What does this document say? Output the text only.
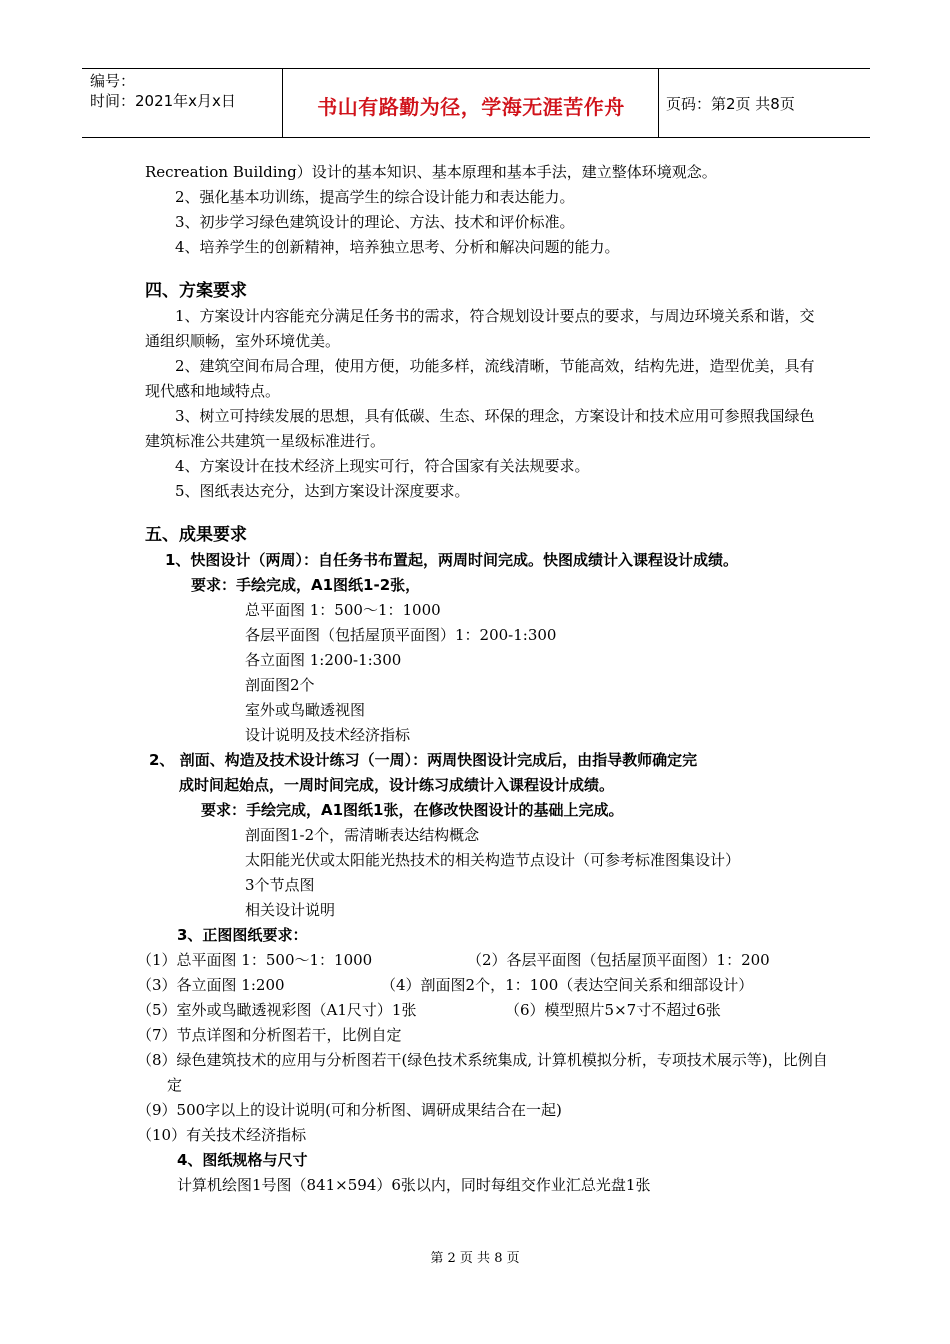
编号：
时间：2021年x月x日	书山有路勤为径，学海无涯苦作舟	页码：第2页 共8页
Recreation Building）设计的基本知识、基本原理和基本手法，建立整体环境观念。
2、强化基本功训练，提高学生的综合设计能力和表达能力。
3、初步学习绿色建筑设计的理论、方法、技术和评价标准。
4、培养学生的创新精神，培养独立思考、分析和解决问题的能力。
四、方案要求
1、方案设计内容能充分满足任务书的需求，符合规划设计要点的要求，与周边环境关系和谐，交通组织顺畅，室外环境优美。
2、建筑空间布局合理，使用方便，功能多样，流线清晰，节能高效，结构先进，造型优美，具有现代感和地域特点。
3、树立可持续发展的思想，具有低碳、生态、环保的理念，方案设计和技术应用可参照我国绿色建筑标准公共建筑一星级标准进行。
4、方案设计在技术经济上现实可行，符合国家有关法规要求。
5、图纸表达充分，达到方案设计深度要求。
五、成果要求
1、快图设计（两周）：自任务书布置起，两周时间完成。快图成绩计入课程设计成绩。
要求：手绘完成，A1图纸1-2张，
总平面图 1：500～1：1000
各层平面图（包括屋顶平面图）1：200-1:300
各立面图 1:200-1:300
剖面图2个
室外或鸟瞰透视图
设计说明及技术经济指标
2、 剖面、构造及技术设计练习（一周）：两周快图设计完成后，由指导教师确定完
成时间起始点，一周时间完成，设计练习成绩计入课程设计成绩。
要求：手绘完成，A1图纸1张，在修改快图设计的基础上完成。
剖面图1-2个，需清晰表达结构概念
太阳能光伏或太阳能光热技术的相关构造节点设计（可参考标准图集设计）
3个节点图
相关设计说明
3、正图图纸要求：
（1）总平面图 1：500～1：1000	（2）各层平面图（包括屋顶平面图）1：200
（3）各立面图 1:200	（4）剖面图2个，1：100（表达空间关系和细部设计）
（5）室外或鸟瞰透视彩图（A1尺寸）1张	（6）模型照片5×7寸不超过6张
（7）节点详图和分析图若干，比例自定
（8）绿色建筑技术的应用与分析图若干(绿色技术系统集成, 计算机模拟分析，专项技术展示等)，比例自定
（9）500字以上的设计说明(可和分析图、调研成果结合在一起)
（10）有关技术经济指标
4、图纸规格与尺寸
计算机绘图1号图（841×594）6张以内，同时每组交作业汇总光盘1张
第 2 页 共 8 页
